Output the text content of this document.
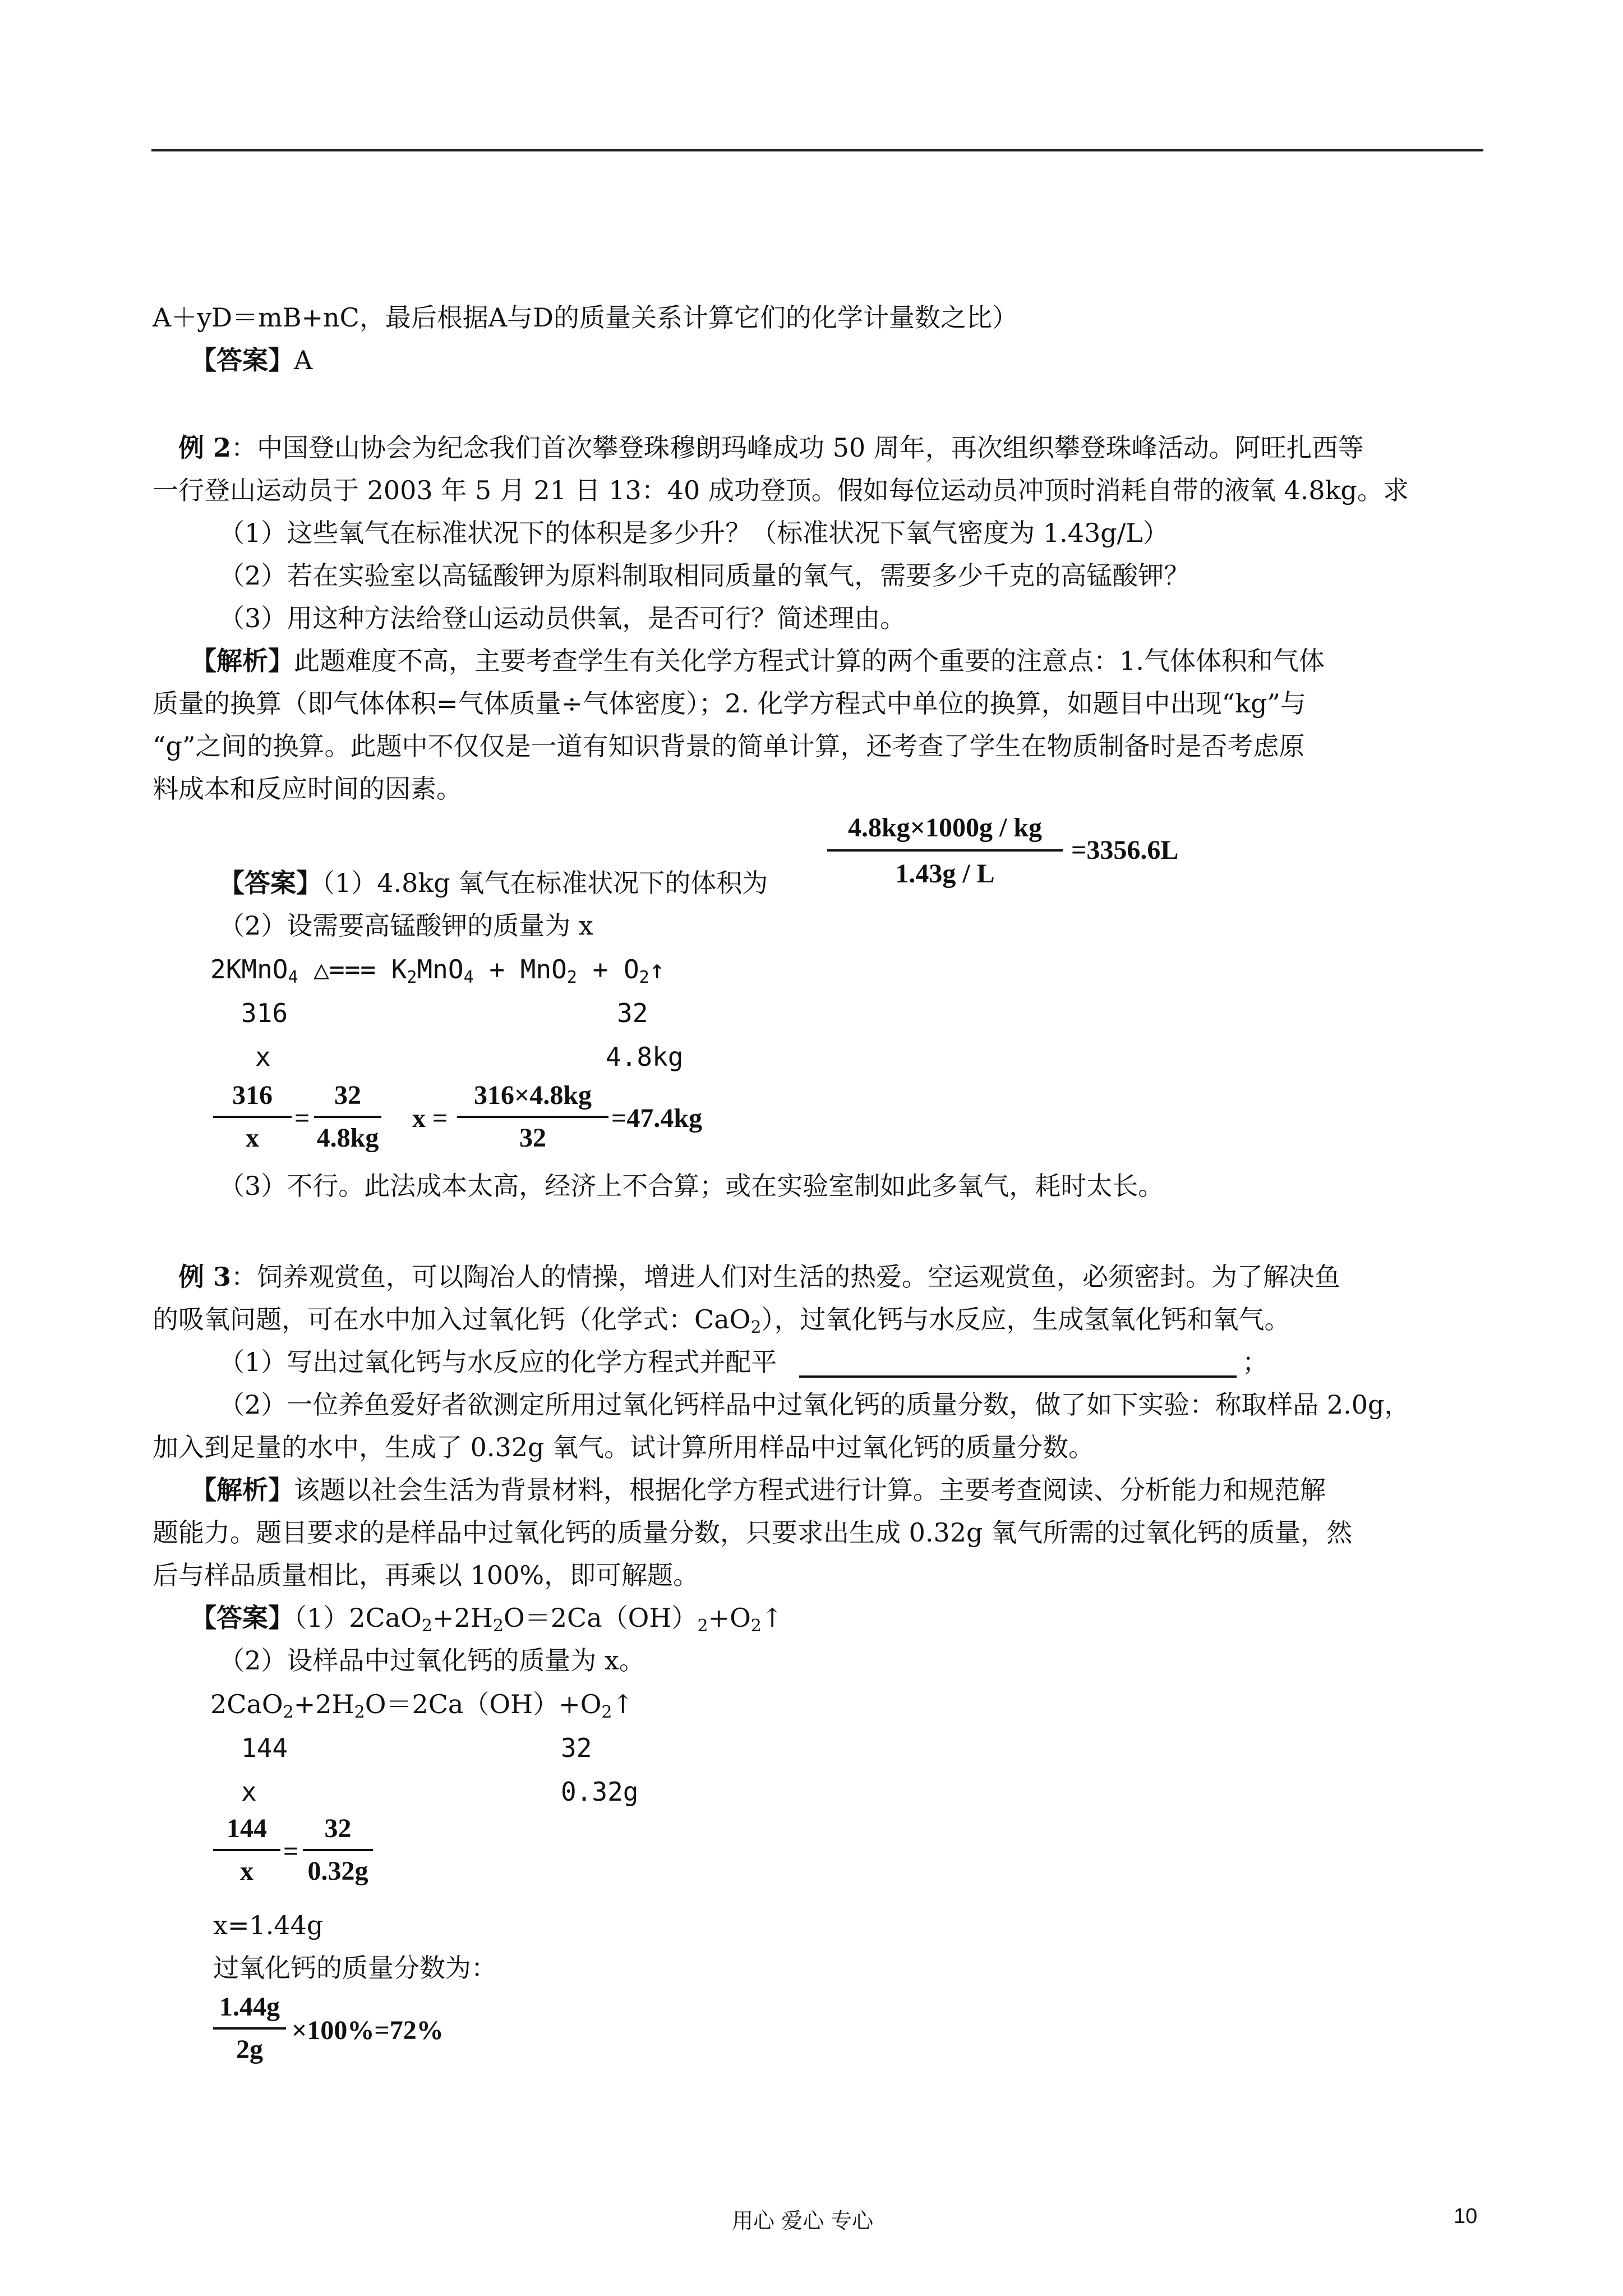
A＋yD＝mB+nC，最后根据A与D的质量关系计算它们的化学计量数之比）
【答案】A
例 2：中国登山协会为纪念我们首次攀登珠穆朗玛峰成功 50 周年，再次组织攀登珠峰活动。阿旺扎西等
一行登山运动员于 2003 年 5 月 21 日 13：40 成功登顶。假如每位运动员冲顶时消耗自带的液氧 4.8kg。求
（1）这些氧气在标准状况下的体积是多少升？（标准状况下氧气密度为 1.43g/L）
（2）若在实验室以高锰酸钾为原料制取相同质量的氧气，需要多少千克的高锰酸钾？
（3）用这种方法给登山运动员供氧，是否可行？简述理由。
【解析】此题难度不高，主要考查学生有关化学方程式计算的两个重要的注意点：1.气体体积和气体
质量的换算（即气体体积=气体质量÷气体密度）；2. 化学方程式中单位的换算，如题目中出现“kg”与
“g”之间的换算。此题中不仅仅是一道有知识背景的简单计算，还考查了学生在物质制备时是否考虑原
料成本和反应时间的因素。
4.8kg×1000g / kg
1.43g / L
=3356.6L
【答案】（1）4.8kg 氧气在标准状况下的体积为
（2）设需要高锰酸钾的质量为 x
2KMnO$_4$ △=== $K_2MnO_4 + MnO_2$ + $O_2↑$
316	32
x	4.8kg
316
x
=
32
4.8kg
x =
316×4.8kg
32
=47.4kg
（3）不行。此法成本太高，经济上不合算；或在实验室制如此多氧气，耗时太长。
例 3：饲养观赏鱼，可以陶冶人的情操，增进人们对生活的热爱。空运观赏鱼，必须密封。为了解决鱼
的吸氧问题，可在水中加入过氧化钙（化学式：CaO$_2$），过氧化钙与水反应，生成氢氧化钙和氧气。
（1）写出过氧化钙与水反应的化学方程式并配平	；
（2）一位养鱼爱好者欲测定所用过氧化钙样品中过氧化钙的质量分数，做了如下实验：称取样品 2.0g，
加入到足量的水中，生成了 0.32g 氧气。试计算所用样品中过氧化钙的质量分数。
【解析】该题以社会生活为背景材料，根据化学方程式进行计算。主要考查阅读、分析能力和规范解
题能力。题目要求的是样品中过氧化钙的质量分数，只要求出生成 0.32g 氧气所需的过氧化钙的质量，然
后与样品质量相比，再乘以 100%，即可解题。
【答案】$(1)2CaO_2+2H_2O=2Ca(OH)_2+O_2↑$
（2）设样品中过氧化钙的质量为 x。
$2CaO_2+2H_2O=2Ca(OH)+O_2↑$
144	32
x	0.32g
144
x
=
32
0.32g
x=1.44g
过氧化钙的质量分数为：
1.44g
2g
×100%=72%
用心 爱心 专心	10
